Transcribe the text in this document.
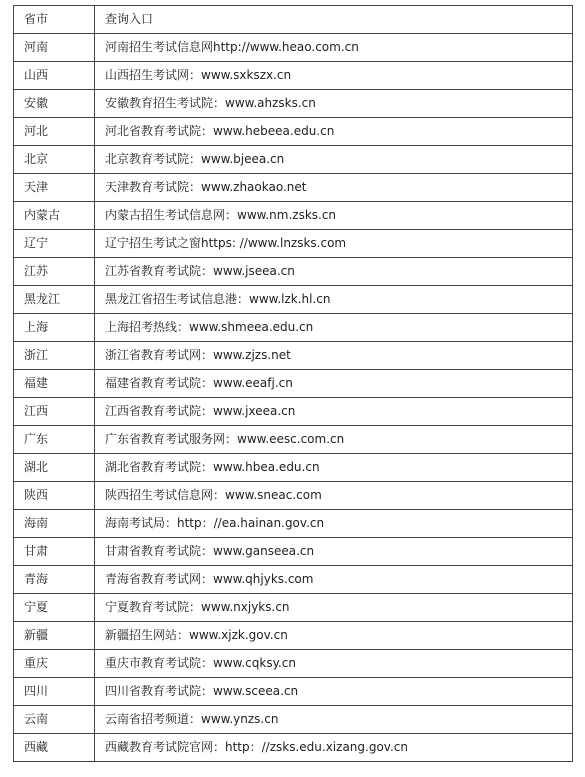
省市	查询入口
河南	河南招生考试信息网http://www.heao.com.cn
山西	山西招生考试网：www.sxkszx.cn
安徽	安徽教育招生考试院：www.ahzsks.cn
河北	河北省教育考试院：www.hebeea.edu.cn
北京	北京教育考试院：www.bjeea.cn
天津	天津教育考试院：www.zhaokao.net
内蒙古	内蒙古招生考试信息网：www.nm.zsks.cn
辽宁	辽宁招生考试之窗https: //www.lnzsks.com
江苏	江苏省教育考试院：www.jseea.cn
黑龙江	黑龙江省招生考试信息港：www.lzk.hl.cn
上海	上海招考热线：www.shmeea.edu.cn
浙江	浙江省教育考试网：www.zjzs.net
福建	福建省教育考试院：www.eeafj.cn
江西	江西省教育考试院：www.jxeea.cn
广东	广东省教育考试服务网：www.eesc.com.cn
湖北	湖北省教育考试院：www.hbea.edu.cn
陕西	陕西招生考试信息网：www.sneac.com
海南	海南考试局：http：//ea.hainan.gov.cn
甘肃	甘肃省教育考试院：www.ganseea.cn
青海	青海省教育考试网：www.qhjyks.com
宁夏	宁夏教育考试院：www.nxjyks.cn
新疆	新疆招生网站：www.xjzk.gov.cn
重庆	重庆市教育考试院：www.cqksy.cn
四川	四川省教育考试院：www.sceea.cn
云南	云南省招考频道：www.ynzs.cn
西藏	西藏教育考试院官网：http：//zsks.edu.xizang.gov.cn
